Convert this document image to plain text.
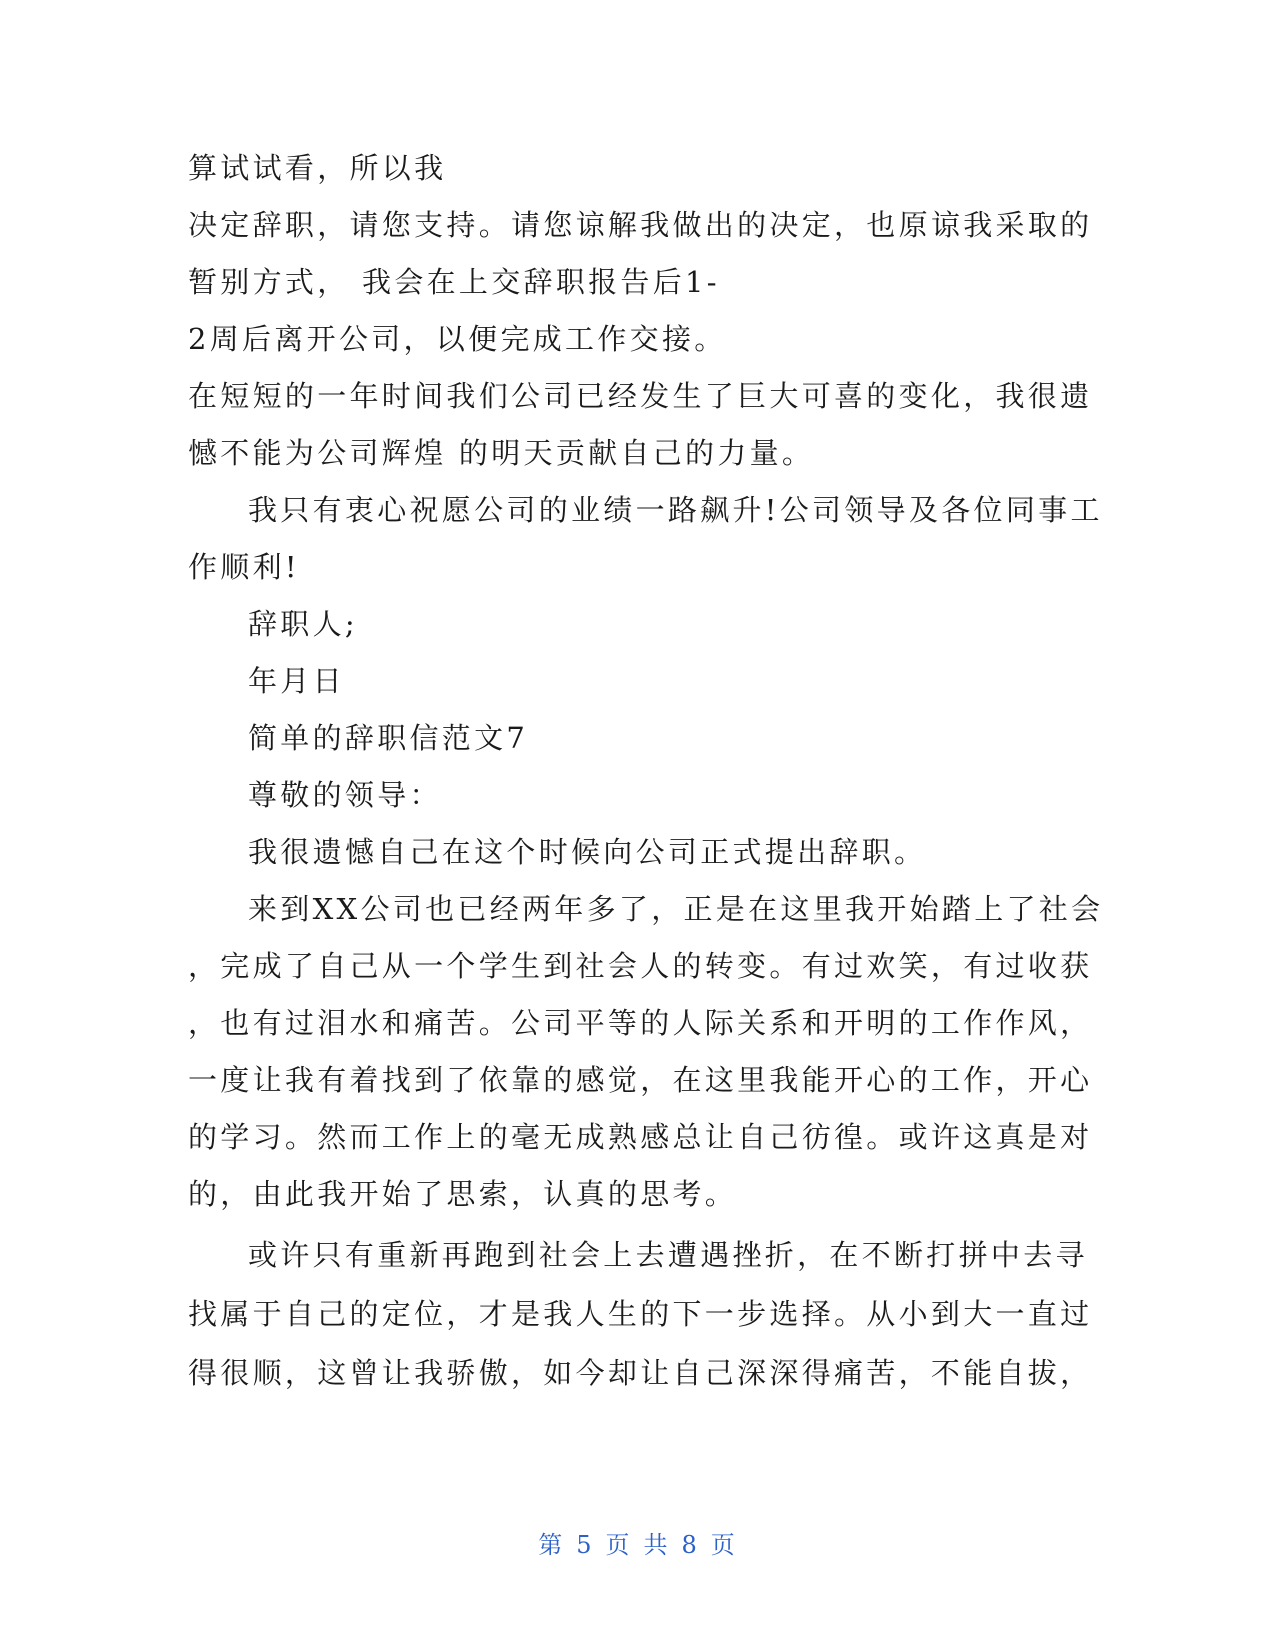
算试试看，所以我
决定辞职，请您支持。请您谅解我做出的决定，也原谅我采取的
暂别方式， 我会在上交辞职报告后1-
2周后离开公司，以便完成工作交接。
在短短的一年时间我们公司已经发生了巨大可喜的变化，我很遗
憾不能为公司辉煌 的明天贡献自己的力量。
我只有衷心祝愿公司的业绩一路飙升!公司领导及各位同事工
作顺利!
辞职人;
年月日
简单的辞职信范文7
尊敬的领导：
我很遗憾自己在这个时候向公司正式提出辞职。
来到XX公司也已经两年多了，正是在这里我开始踏上了社会
，完成了自己从一个学生到社会人的转变。有过欢笑，有过收获
，也有过泪水和痛苦。公司平等的人际关系和开明的工作作风，
一度让我有着找到了依靠的感觉，在这里我能开心的工作，开心
的学习。然而工作上的毫无成熟感总让自己彷徨。或许这真是对
的，由此我开始了思索，认真的思考。
或许只有重新再跑到社会上去遭遇挫折，在不断打拼中去寻
找属于自己的定位，才是我人生的下一步选择。从小到大一直过
得很顺，这曾让我骄傲，如今却让自己深深得痛苦，不能自拔，
第 5 页 共 8 页
